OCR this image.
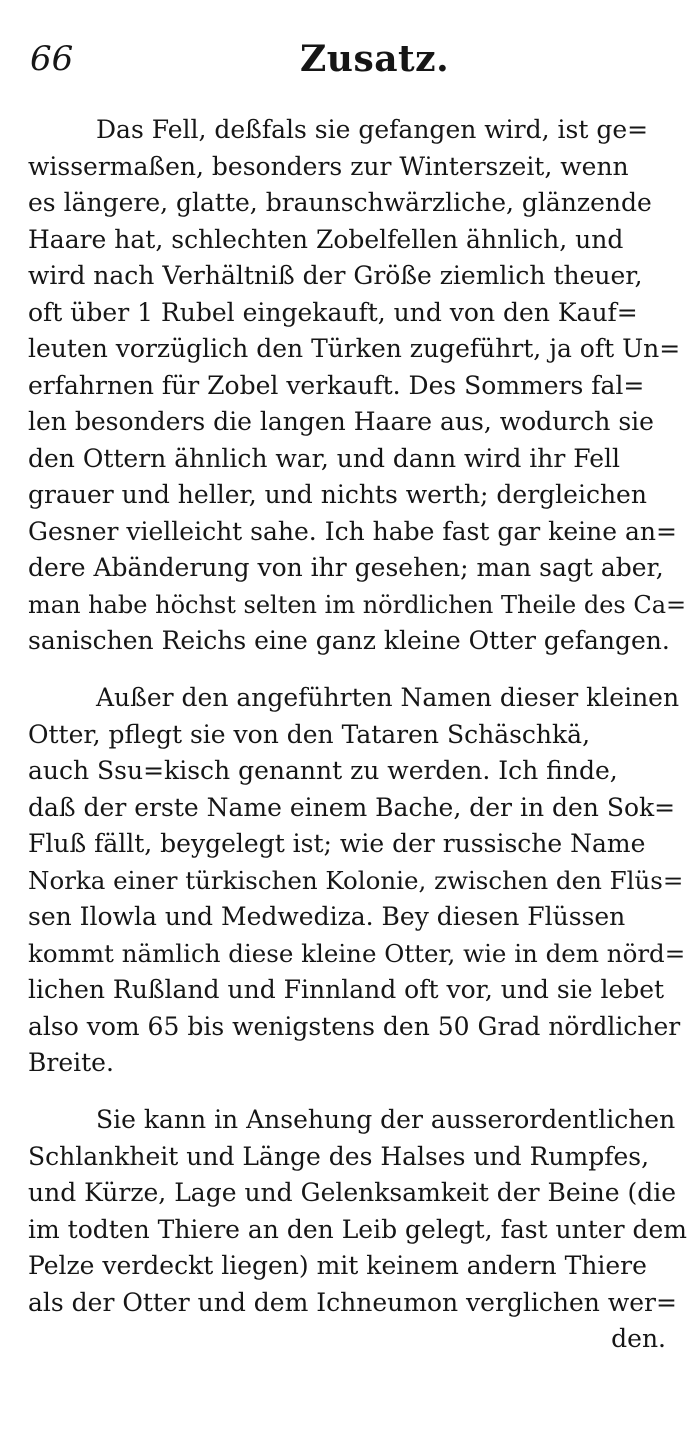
66	Zusatz.
Das Fell, deßfals sie gefangen wird, ist ge=
wissermaßen, besonders zur Winterszeit, wenn
es längere, glatte, braunschwärzliche, glänzende
Haare hat, schlechten Zobelfellen ähnlich, und
wird nach Verhältniß der Größe ziemlich theuer,
oft über 1 Rubel eingekauft, und von den Kauf=
leuten vorzüglich den Türken zugeführt, ja oft Un=
erfahrnen für Zobel verkauft. Des Sommers fal=
len besonders die langen Haare aus, wodurch sie
den Ottern ähnlich war, und dann wird ihr Fell
grauer und heller, und nichts werth; dergleichen
Gesner vielleicht sahe. Ich habe fast gar keine an=
dere Abänderung von ihr gesehen; man sagt aber,
man habe höchst selten im nördlichen Theile des Ca=
sanischen Reichs eine ganz kleine Otter gefangen.
Außer den angeführten Namen dieser kleinen
Otter, pflegt sie von den Tataren Schäschkä,
auch Ssu=kisch genannt zu werden. Ich finde,
daß der erste Name einem Bache, der in den Sok=
Fluß fällt, beygelegt ist; wie der russische Name
Norka einer türkischen Kolonie, zwischen den Flüs=
sen Ilowla und Medwediza. Bey diesen Flüssen
kommt nämlich diese kleine Otter, wie in dem nörd=
lichen Rußland und Finnland oft vor, und sie lebet
also vom 65 bis wenigstens den 50 Grad nördlicher
Breite.
Sie kann in Ansehung der ausserordentlichen
Schlankheit und Länge des Halses und Rumpfes,
und Kürze, Lage und Gelenksamkeit der Beine (die
im todten Thiere an den Leib gelegt, fast unter dem
Pelze verdeckt liegen) mit keinem andern Thiere
als der Otter und dem Ichneumon verglichen wer=
den.
